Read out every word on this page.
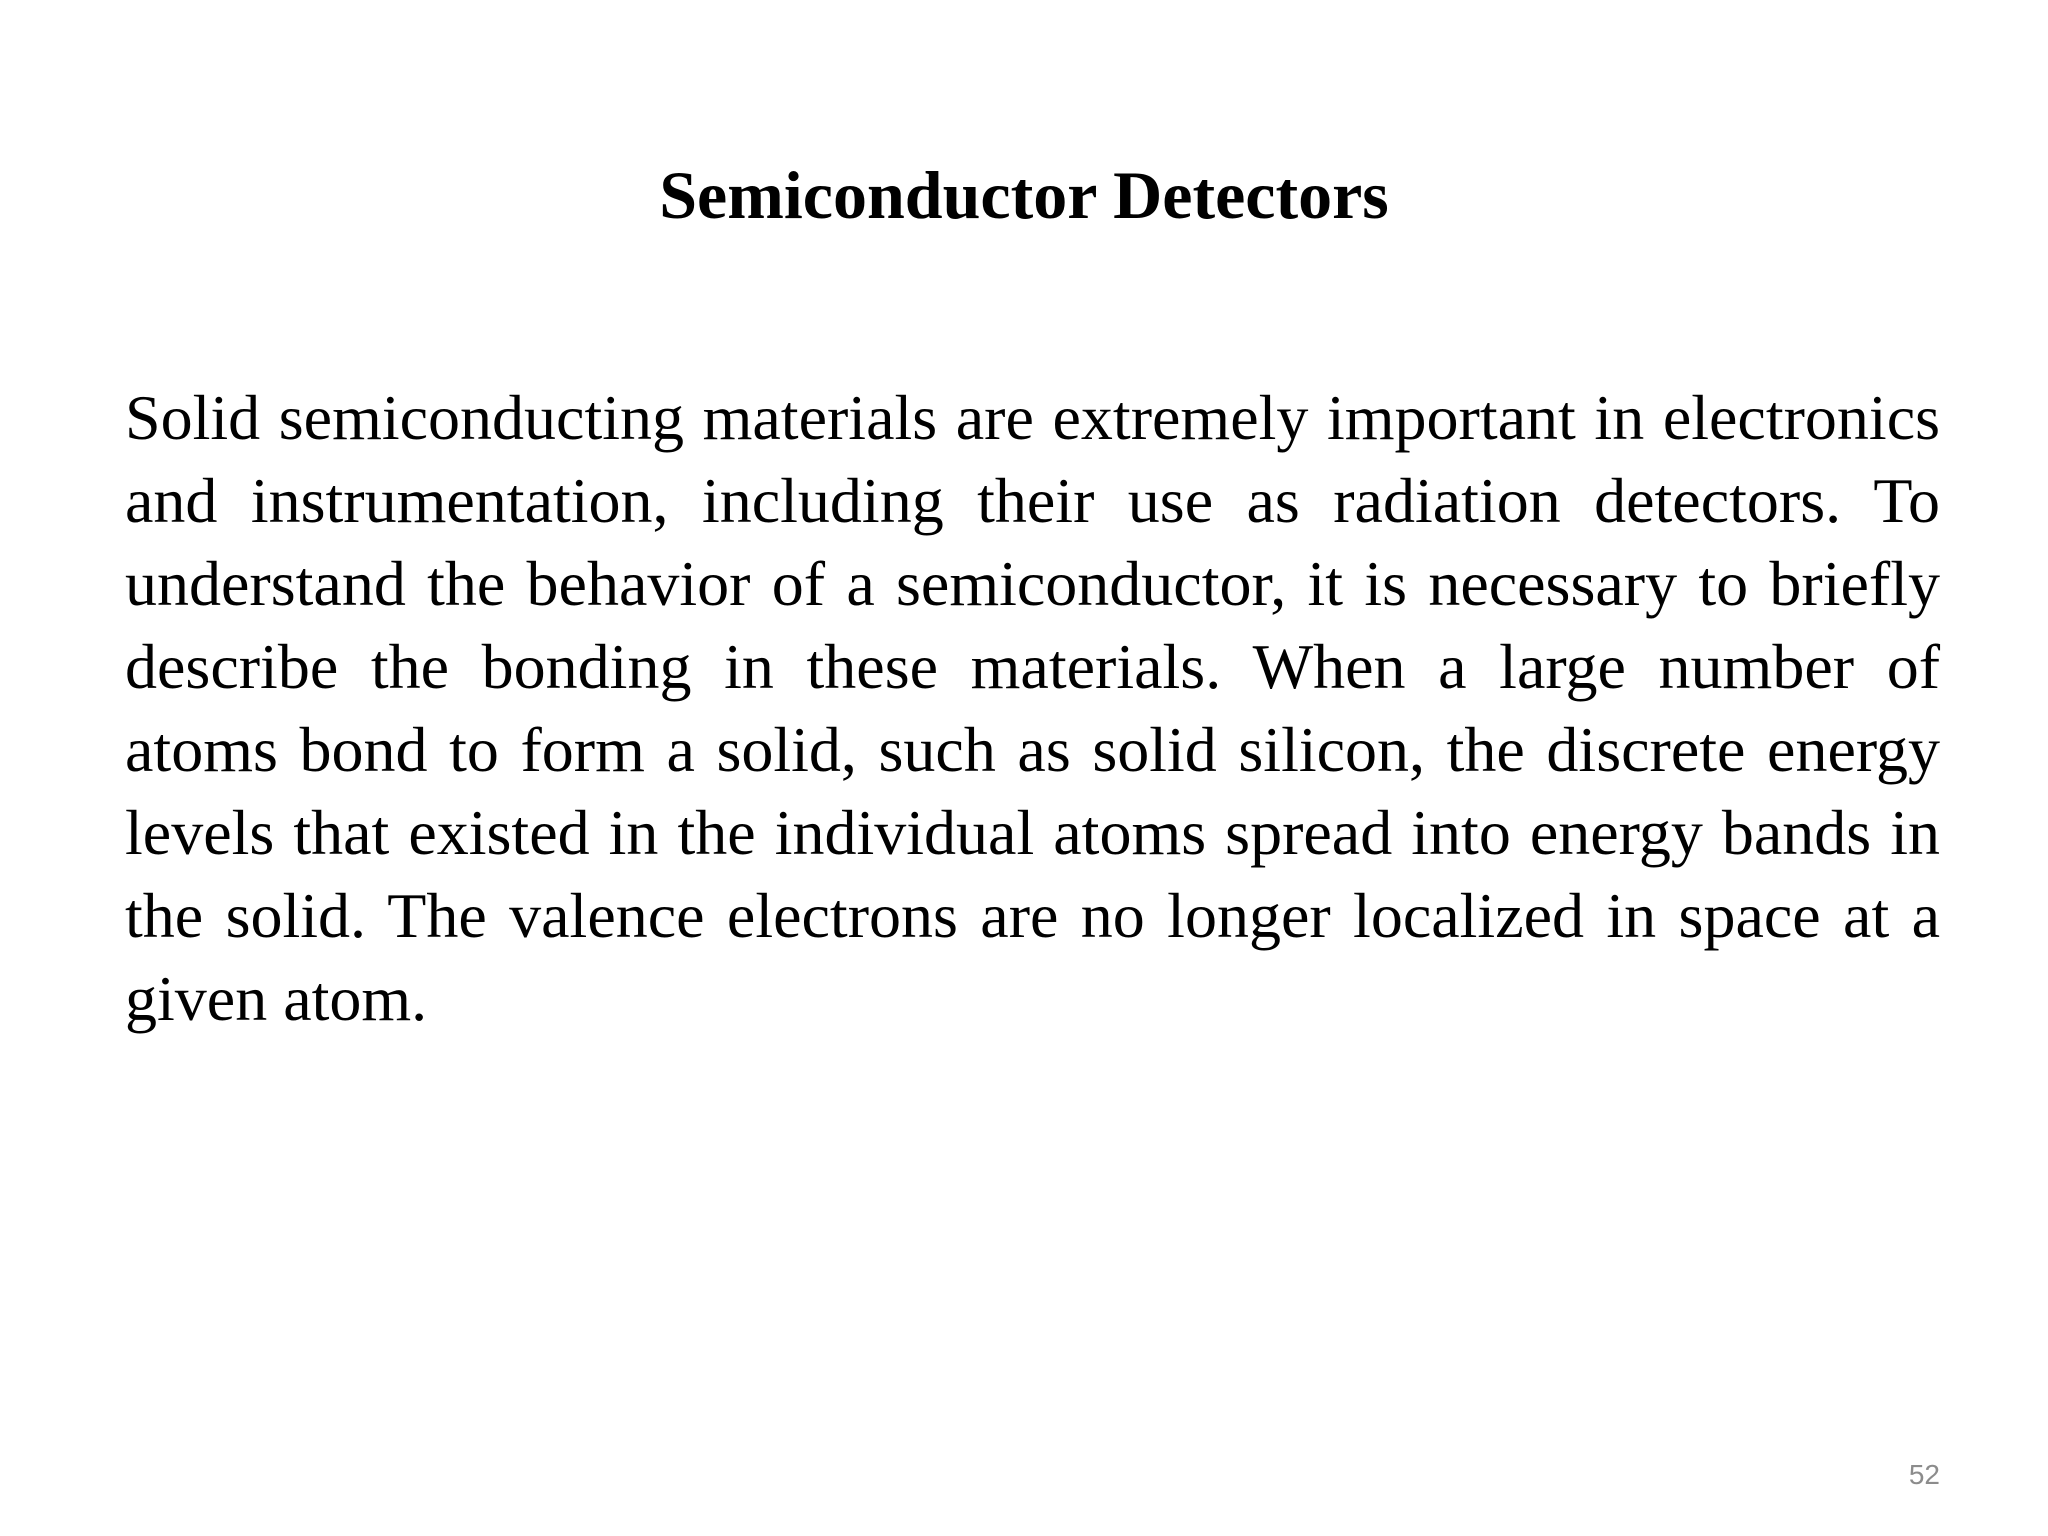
Semiconductor Detectors

Solid semiconducting materials are extremely important in electronics and instrumentation, including their use as radiation detectors. To understand the behavior of a semiconductor, it is necessary to briefly describe the bonding in these materials. When a large number of atoms bond to form a solid, such as solid silicon, the discrete energy levels that existed in the individual atoms spread into energy bands in the solid. The valence electrons are no longer localized in space at a given atom.

52
